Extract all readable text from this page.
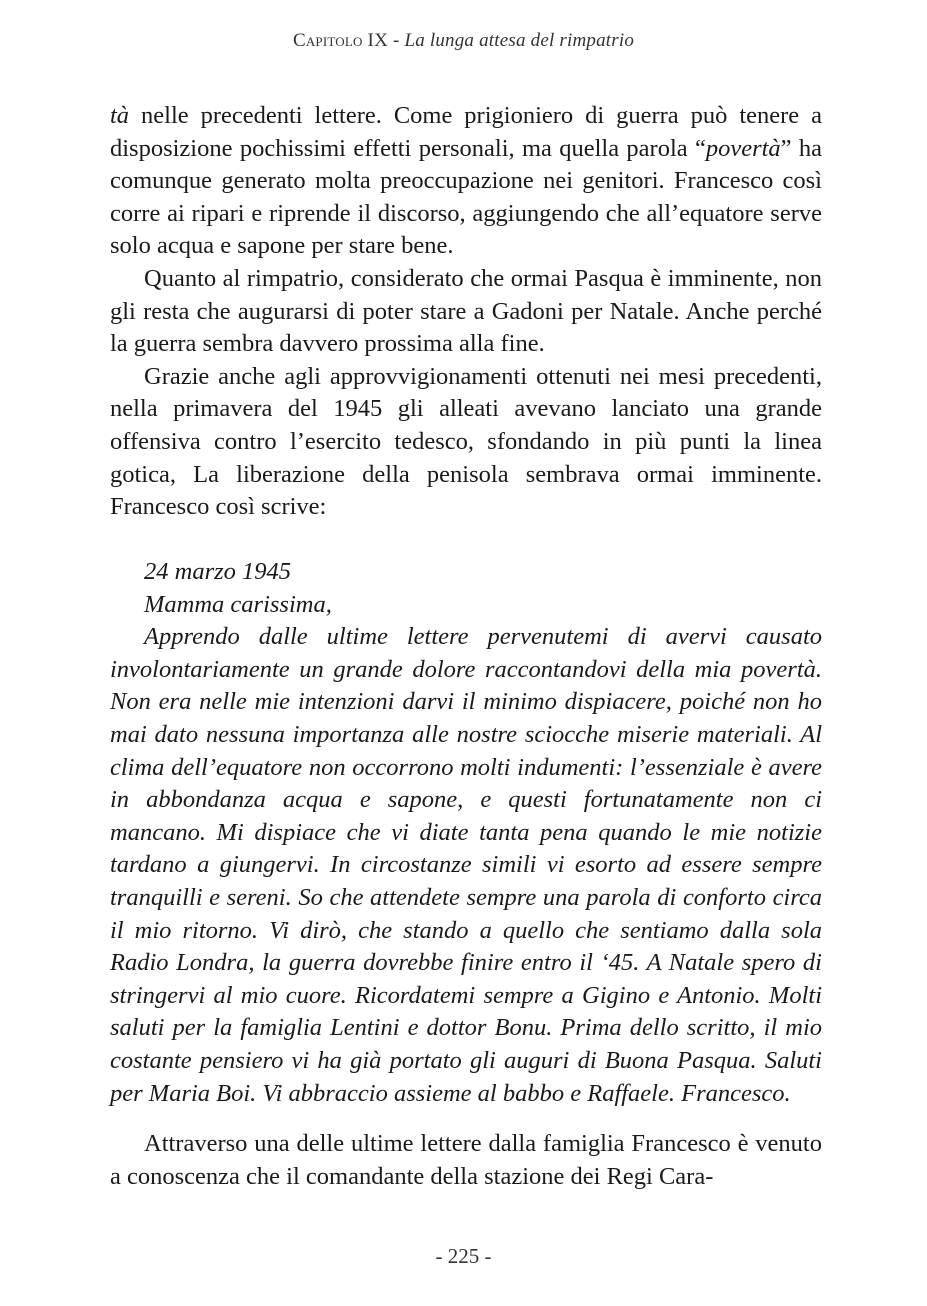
Capitolo IX - La lunga attesa del rimpatrio

tà nelle precedenti lettere. Come prigioniero di guerra può tenere a disposizione pochissimi effetti personali, ma quella parola “povertà” ha comunque generato molta preoccupazione nei genitori. Francesco così corre ai ripari e riprende il discorso, aggiungendo che all’equatore serve solo acqua e sapone per stare bene.

Quanto al rimpatrio, considerato che ormai Pasqua è imminente, non gli resta che augurarsi di poter stare a Gadoni per Natale. Anche perché la guerra sembra davvero prossima alla fine.

Grazie anche agli approvvigionamenti ottenuti nei mesi precedenti, nella primavera del 1945 gli alleati avevano lanciato una grande offensiva contro l’esercito tedesco, sfondando in più punti la linea gotica, La liberazione della penisola sembrava ormai imminente. Francesco così scrive:

24 marzo 1945

Mamma carissima,

Apprendo dalle ultime lettere pervenutemi di avervi causato involontariamente un grande dolore raccontandovi della mia povertà. Non era nelle mie intenzioni darvi il minimo dispiacere, poiché non ho mai dato nessuna importanza alle nostre sciocche miserie materiali. Al clima dell’equatore non occorrono molti indumenti: l’essenziale è avere in abbondanza acqua e sapone, e questi fortunatamente non ci mancano. Mi dispiace che vi diate tanta pena quando le mie notizie tardano a giungervi. In circostanze simili vi esorto ad essere sempre tranquilli e sereni. So che attendete sempre una parola di conforto circa il mio ritorno. Vi dirò, che stando a quello che sentiamo dalla sola Radio Londra, la guerra dovrebbe finire entro il ‘45. A Natale spero di stringervi al mio cuore. Ricordatemi sempre a Gigino e Antonio. Molti saluti per la famiglia Lentini e dottor Bonu. Prima dello scritto, il mio costante pensiero vi ha già portato gli auguri di Buona Pasqua. Saluti per Maria Boi. Vi abbraccio assieme al babbo e Raffaele. Francesco.

Attraverso una delle ultime lettere dalla famiglia Francesco è venuto a conoscenza che il comandante della stazione dei Regi Cara-

- 225 -
